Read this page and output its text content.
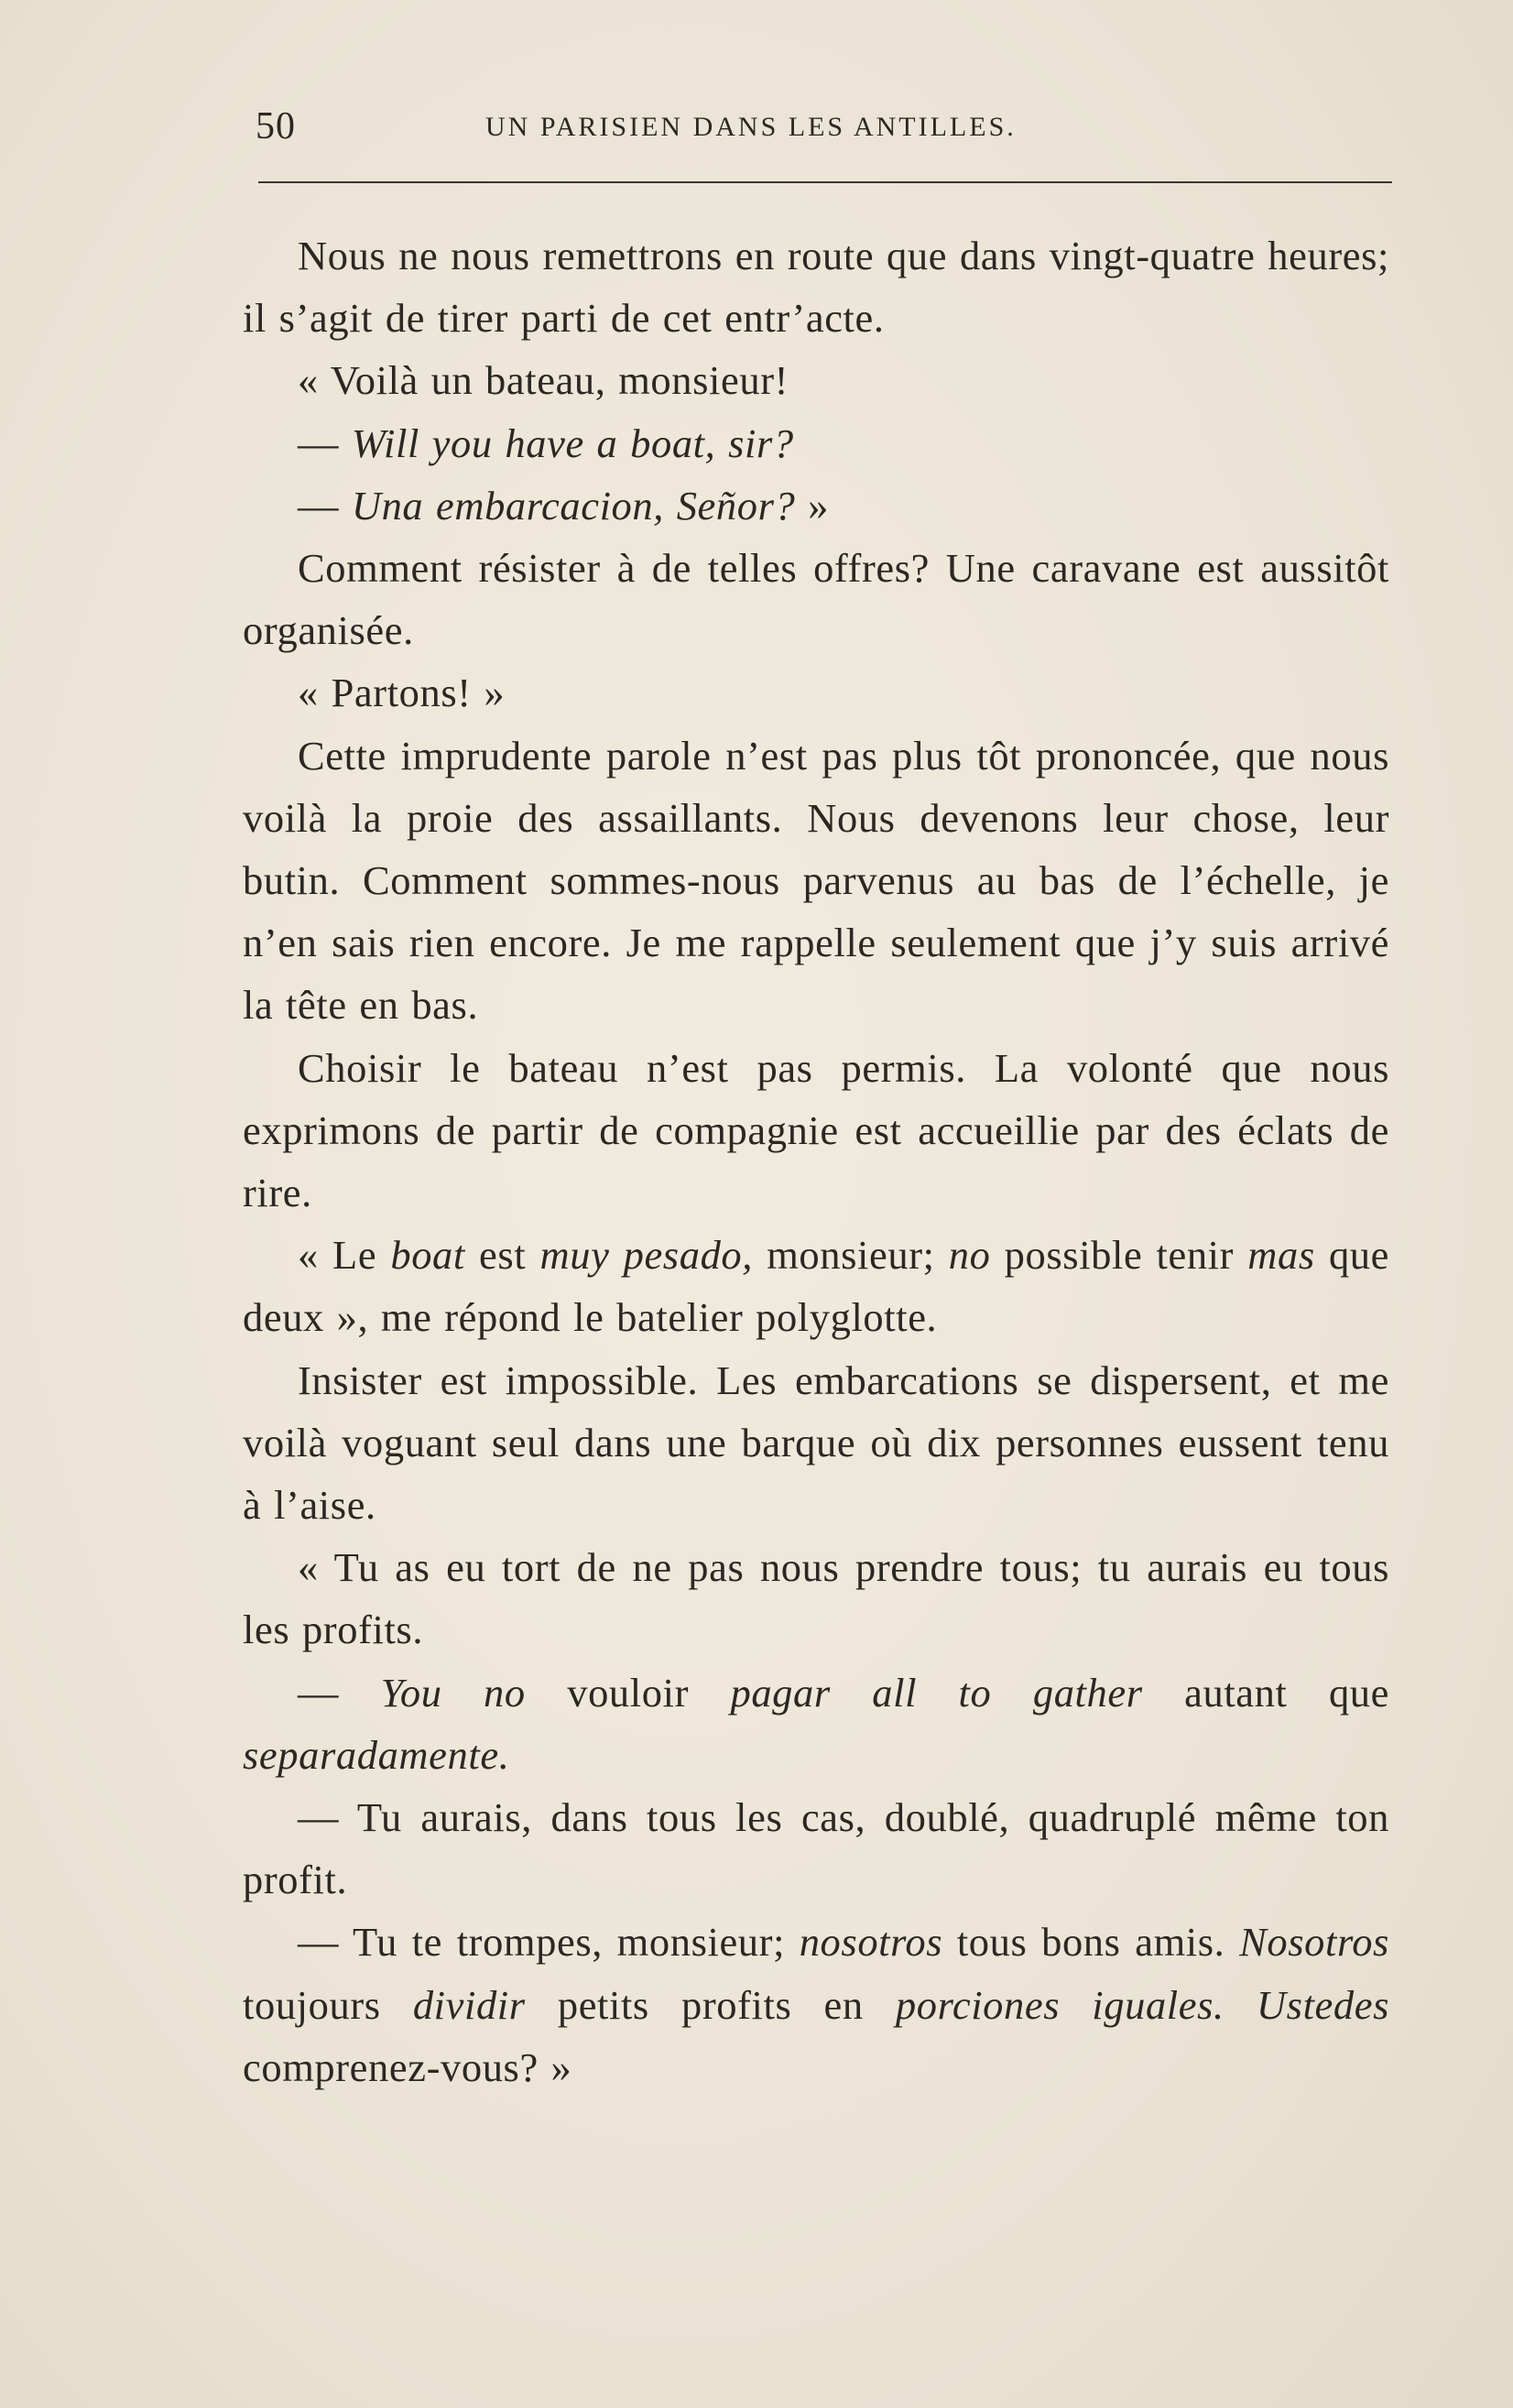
50	UN PARISIEN DANS LES ANTILLES.

Nous ne nous remettrons en route que dans vingt-quatre heures; il s’agit de tirer parti de cet entr’acte.

« Voilà un bateau, monsieur!

— Will you have a boat, sir?

— Una embarcacion, Señor? »

Comment résister à de telles offres? Une caravane est aussitôt organisée.

« Partons! »

Cette imprudente parole n’est pas plus tôt prononcée, que nous voilà la proie des assaillants. Nous devenons leur chose, leur butin. Comment sommes-nous parvenus au bas de l’échelle, je n’en sais rien encore. Je me rappelle seulement que j’y suis arrivé la tête en bas.

Choisir le bateau n’est pas permis. La volonté que nous exprimons de partir de compagnie est accueillie par des éclats de rire.

« Le boat est muy pesado, monsieur; no possible tenir mas que deux », me répond le batelier polyglotte.

Insister est impossible. Les embarcations se dispersent, et me voilà voguant seul dans une barque où dix personnes eussent tenu à l’aise.

« Tu as eu tort de ne pas nous prendre tous; tu aurais eu tous les profits.

— You no vouloir pagar all to gather autant que separadamente.

— Tu aurais, dans tous les cas, doublé, quadruplé même ton profit.

— Tu te trompes, monsieur; nosotros tous bons amis. Nosotros toujours dividir petits profits en porciones iguales. Ustedes comprenez-vous? »
